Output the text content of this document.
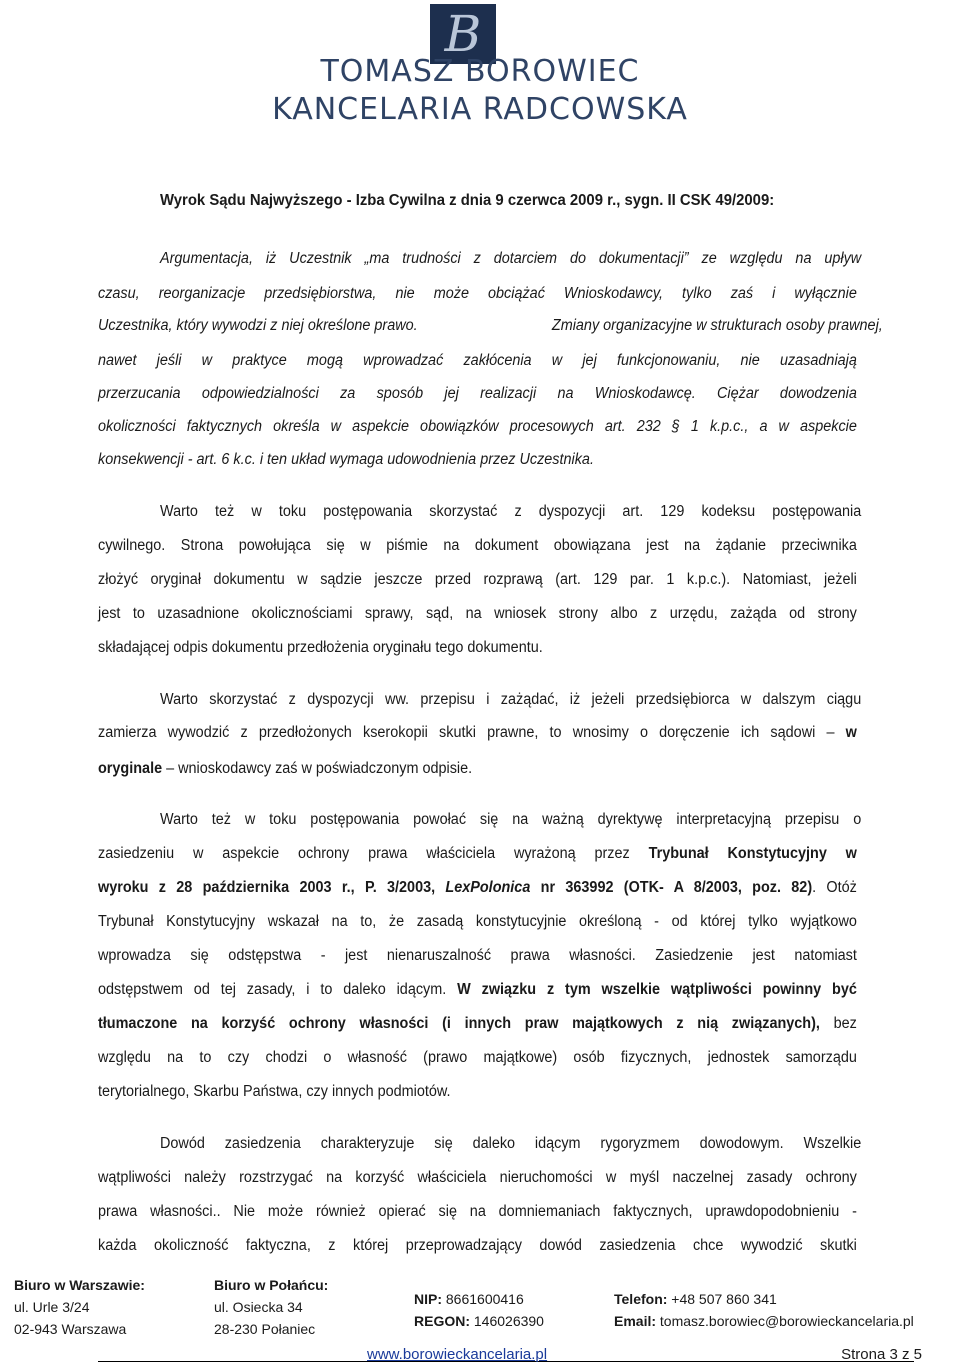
B
TOMASZ BOROWIEC
KANCELARIA RADCOWSKA
Wyrok Sądu Najwyższego - Izba Cywilna z dnia 9 czerwca 2009 r., sygn. II CSK 49/2009:
Argumentacja, iż Uczestnik „ma trudności z dotarciem do dokumentacji” ze względu na upływ
czasu, reorganizacje przedsiębiorstwa, nie może obciążać Wnioskodawcy, tylko zaś i wyłącznie
Uczestnika, który wywodzi z niej określone prawo.	Zmiany organizacyjne w strukturach osoby prawnej,
nawet jeśli w praktyce mogą wprowadzać zakłócenia w jej funkcjonowaniu, nie uzasadniają
przerzucania odpowiedzialności za sposób jej realizacji na Wnioskodawcę. Ciężar dowodzenia
okoliczności faktycznych określa w aspekcie obowiązków procesowych art. 232 § 1 k.p.c., a w aspekcie
konsekwencji - art. 6 k.c. i ten układ wymaga udowodnienia przez Uczestnika.
Warto też w toku postępowania skorzystać z dyspozycji art. 129 kodeksu postępowania
cywilnego. Strona powołująca się w piśmie na dokument obowiązana jest na żądanie przeciwnika
złożyć oryginał dokumentu w sądzie jeszcze przed rozprawą (art. 129 par. 1 k.p.c.). Natomiast, jeżeli
jest to uzasadnione okolicznościami sprawy, sąd, na wniosek strony albo z urzędu, zażąda od strony
składającej odpis dokumentu przedłożenia oryginału tego dokumentu.
Warto skorzystać z dyspozycji ww. przepisu i zażądać, iż jeżeli przedsiębiorca w dalszym ciągu
zamierza wywodzić z przedłożonych kserokopii skutki prawne, to wnosimy o doręczenie ich sądowi – w
oryginale – wnioskodawcy zaś w poświadczonym odpisie.
Warto też w toku postępowania powołać się na ważną dyrektywę interpretacyjną przepisu o
zasiedzeniu w aspekcie ochrony prawa właściciela wyrażoną przez Trybunał Konstytucyjny w
wyroku z 28 października 2003 r., P. 3/2003, LexPolonica nr 363992 (OTK- A 8/2003, poz. 82). Otóż
Trybunał Konstytucyjny wskazał na to, że zasadą konstytucyjnie określoną - od której tylko wyjątkowo
wprowadza się odstępstwa - jest nienaruszalność prawa własności. Zasiedzenie jest natomiast
odstępstwem od tej zasady, i to daleko idącym. W związku z tym wszelkie wątpliwości powinny być
tłumaczone na korzyść ochrony własności (i innych praw majątkowych z nią związanych), bez
względu na to czy chodzi o własność (prawo majątkowe) osób fizycznych, jednostek samorządu
terytorialnego, Skarbu Państwa, czy innych podmiotów.
Dowód zasiedzenia charakteryzuje się daleko idącym rygoryzmem dowodowym. Wszelkie
wątpliwości należy rozstrzygać na korzyść właściciela nieruchomości w myśl naczelnej zasady ochrony
prawa własności.. Nie może również opierać się na domniemaniach faktycznych, uprawdopodobnieniu -
każda okoliczność faktyczna, z której przeprowadzający dowód zasiedzenia chce wywodzić skutki
Biuro w Warszawie:
ul. Urle 3/24
02-943 Warszawa
Biuro w Połańcu:
ul. Osiecka 34
28-230 Połaniec
NIP: 8661600416
REGON: 146026390
Telefon: +48 507 860 341
Email: tomasz.borowiec@borowieckancelaria.pl
www.borowieckancelaria.pl	Strona 3 z 5
